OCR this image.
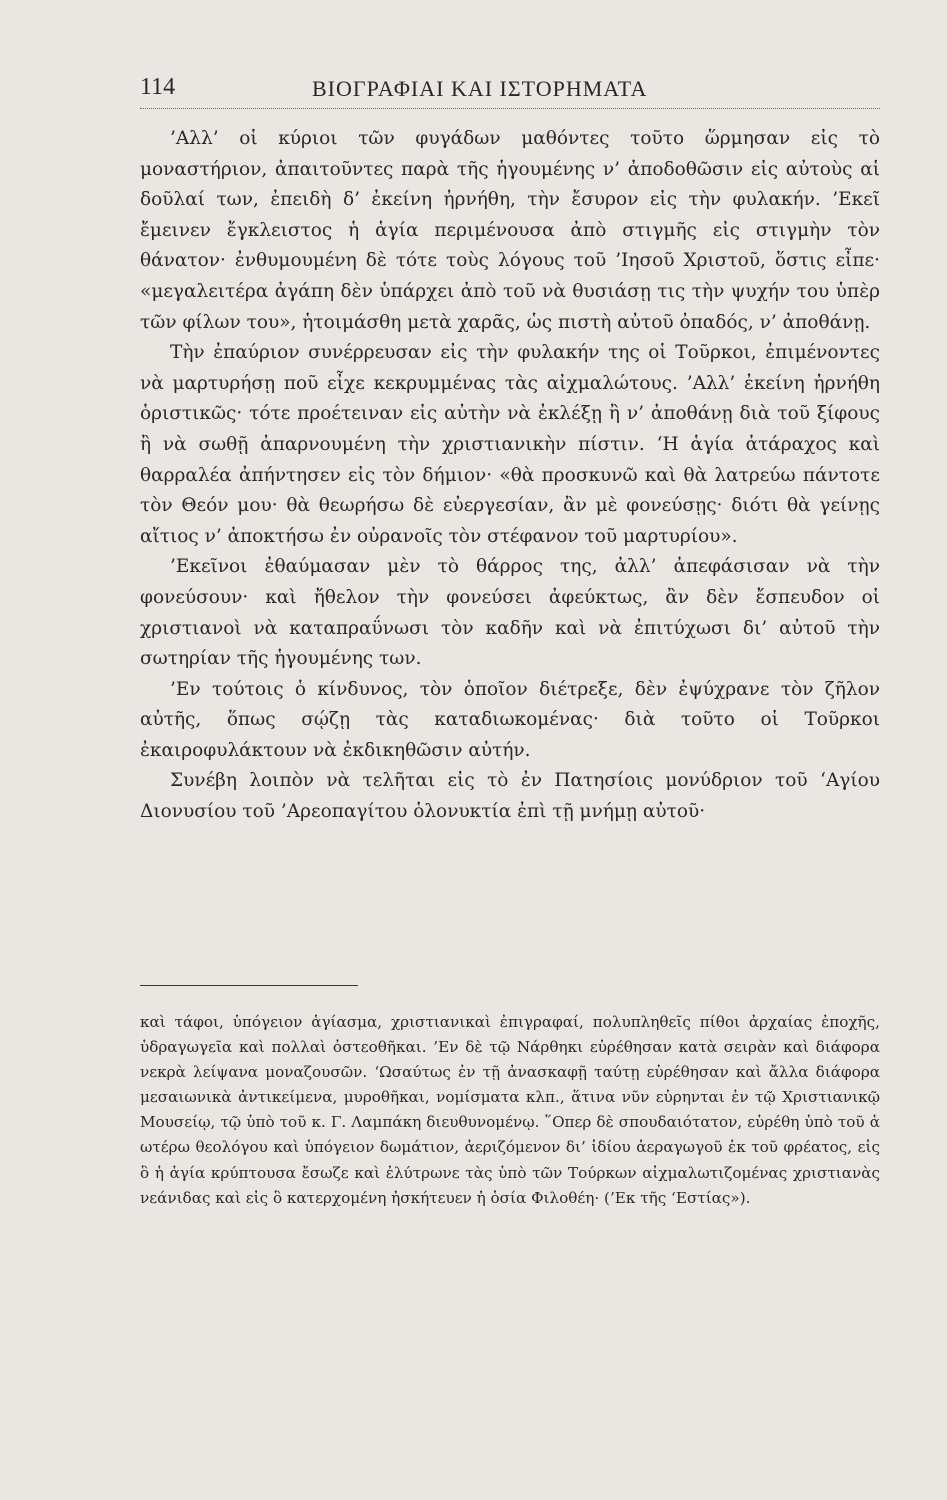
114	ΒΙΟΓΡΑΦΙΑΙ ΚΑΙ ΙΣΤΟΡΗΜΑΤΑ

’Αλλ’ οἱ κύριοι τῶν φυγάδων μαθόντες τοῦτο ὥρμησαν εἰς τὸ μοναστήριον, ἀπαιτοῦντες παρὰ τῆς ἡγουμένης ν’ ἀποδοθῶσιν εἰς αὐτοὺς αἱ δοῦλαί των, ἐπειδὴ δ’ ἐκείνη ἠρνήθη, τὴν ἔσυρον εἰς τὴν φυλακήν. ’Εκεῖ ἔμεινεν ἔγκλειστος ἡ ἁγία περιμένουσα ἀπὸ στιγμῆς εἰς στιγμὴν τὸν θάνατον· ἐνθυμουμένη δὲ τότε τοὺς λόγους τοῦ ’Ιησοῦ Χριστοῦ, ὅστις εἶπε· «μεγαλειτέρα ἀγάπη δὲν ὑπάρχει ἀπὸ τοῦ νὰ θυσιάσῃ τις τὴν ψυχήν του ὑπὲρ τῶν φίλων του», ἡτοιμάσθη μετὰ χαρᾶς, ὡς πιστὴ αὐτοῦ ὀπαδός, ν’ ἀποθάνῃ.

Τὴν ἐπαύριον συνέρρευσαν εἰς τὴν φυλακήν της οἱ Τοῦρκοι, ἐπιμένοντες νὰ μαρτυρήσῃ ποῦ εἶχε κεκρυμμένας τὰς αἰχμαλώτους. ’Αλλ’ ἐκείνη ἠρνήθη ὁριστικῶς· τότε προέτειναν εἰς αὐτὴν νὰ ἐκλέξῃ ἢ ν’ ἀποθάνῃ διὰ τοῦ ξίφους ἢ νὰ σωθῇ ἀπαρνουμένη τὴν χριστιανικὴν πίστιν. ‘Η ἁγία ἀτάραχος καὶ θαρραλέα ἀπήντησεν εἰς τὸν δήμιον· «θὰ προσκυνῶ καὶ θὰ λατρεύω πάντοτε τὸν Θεόν μου· θὰ θεωρήσω δὲ εὐεργεσίαν, ἂν μὲ φονεύσῃς· διότι θὰ γείνῃς αἴτιος ν’ ἀποκτήσω ἐν οὐρανοῖς τὸν στέφανον τοῦ μαρτυρίου».

’Εκεῖνοι ἐθαύμασαν μὲν τὸ θάρρος της, ἀλλ’ ἀπεφάσισαν νὰ τὴν φονεύσουν· καὶ ἤθελον τὴν φονεύσει ἀφεύκτως, ἂν δὲν ἔσπευδον οἱ χριστιανοὶ νὰ καταπραΰνωσι τὸν καδῆν καὶ νὰ ἐπιτύχωσι δι’ αὐτοῦ τὴν σωτηρίαν τῆς ἡγουμένης των.

’Εν τούτοις ὁ κίνδυνος, τὸν ὁποῖον διέτρεξε, δὲν ἐψύχρανε τὸν ζῆλον αὐτῆς, ὅπως σῴζῃ τὰς καταδιωκομένας· διὰ τοῦτο οἱ Τοῦρκοι ἐκαιροφυλάκτουν νὰ ἐκδικηθῶσιν αὐτήν.

Συνέβη λοιπὸν νὰ τελῆται εἰς τὸ ἐν Πατησίοις μονύδριον τοῦ ‘Αγίου Διονυσίου τοῦ ’Αρεοπαγίτου ὁλονυκτία ἐπὶ τῇ μνήμῃ αὐτοῦ·

καὶ τάφοι, ὑπόγειον ἁγίασμα, χριστιανικαὶ ἐπιγραφαί, πολυπληθεῖς πίθοι ἀρχαίας ἐποχῆς, ὑδραγωγεῖα καὶ πολλαὶ ὀστεοθῆκαι. ’Εν δὲ τῷ Νάρθηκι εὑρέθησαν κατὰ σειρὰν καὶ διάφορα νεκρὰ λείψανα μοναζουσῶν. ‘Ωσαύτως ἐν τῇ ἀνασκαφῇ ταύτῃ εὑρέθησαν καὶ ἄλλα διάφορα μεσαιωνικὰ ἀντικείμενα, μυροθῆκαι, νομίσματα κλπ., ἅτινα νῦν εὑρηνται ἐν τῷ Χριστιανικῷ Μουσείῳ, τῷ ὑπὸ τοῦ κ. Γ. Λαμπάκη διευθυνομένῳ. ῞Οπερ δὲ σπουδαιότατον, εὑρέθη ὑπὸ τοῦ ἁ ωτέρω θεολόγου καὶ ὑπόγειον δωμάτιον, ἀεριζόμενον δι’ ἰδίου ἀεραγωγοῦ ἐκ τοῦ φρέατος, εἰς ὃ ἡ ἁγία κρύπτουσα ἔσωζε καὶ ἐλύτρωνε τὰς ὑπὸ τῶν Τούρκων αἰχμαλωτιζομένας χριστιανὰς νεάνιδας καὶ εἰς ὃ κατερχομένη ἠσκήτευεν ἡ ὁσία Φιλοθέη· (’Εκ τῆς ‘Εστίας»).
